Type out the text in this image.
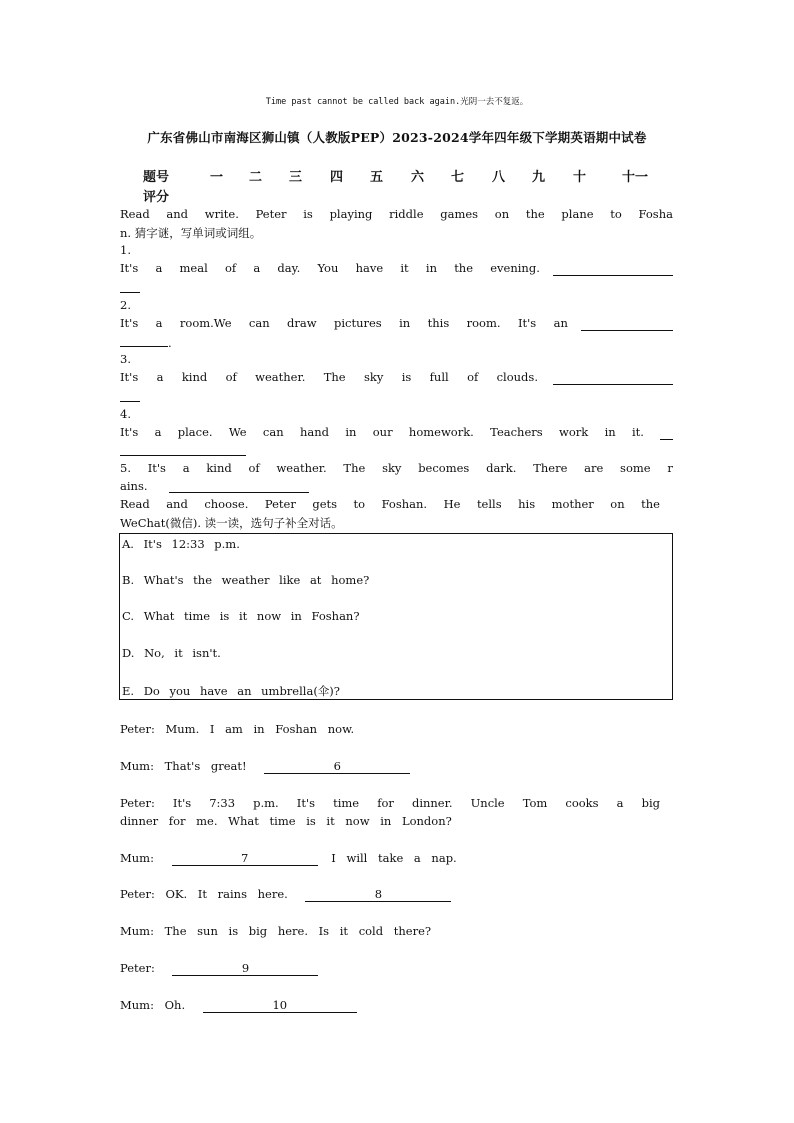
Time past cannot be called back again.光阴一去不复返。
广东省佛山市南海区狮山镇（人教版PEP）2023-2024学年四年级下学期英语期中试卷
题号	一 二 三 四 五 六 七 八 九 十	十一
评分
Read and write. Peter is playing riddle games on the plane to Fosha
n. 猜字谜，写单词或词组。
1.
It's a meal of a day. You have it in the evening.
2.
It's a room.We can draw pictures in this room. It's an
.
3.
It's a kind of weather. The sky is full of clouds.
4.
It's a place. We can hand in our homework. Teachers work in it.
5. It's a kind of weather. The sky becomes dark. There are some r
ains.
Read and choose. Peter gets to Foshan. He tells his mother on the
WeChat(微信). 读一读，选句子补全对话。
A. It's 12:33 p.m.
B. What's the weather like at home?
C. What time is it now in Foshan?
D. No, it isn't.
E. Do you have an umbrella(伞)?
Peter: Mum. I am in Foshan now.
Mum: That's great!	6
Peter: It's 7:33 p.m. It's time for dinner. Uncle Tom cooks a big
dinner for me. What time is it now in London?
Mum:	7	I will take a nap.
Peter: OK. It rains here.	8
Mum: The sun is big here. Is it cold there?
Peter:	9
Mum: Oh.	10
